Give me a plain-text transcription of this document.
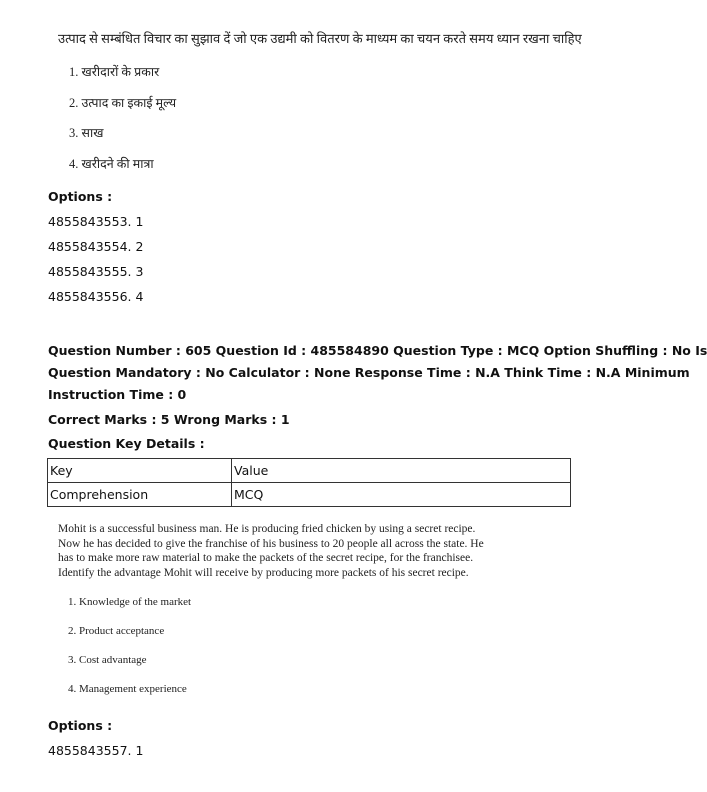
उत्पाद से सम्बंधित विचार का सुझाव दें जो एक उद्यमी को वितरण के माध्यम का चयन करते समय ध्यान रखना चाहिए
1. खरीदारों के प्रकार
2. उत्पाद का इकाई मूल्य
3. साख
4. खरीदने की मात्रा
Options :
4855843553. 1
4855843554. 2
4855843555. 3
4855843556. 4
Question Number : 605 Question Id : 485584890 Question Type : MCQ Option Shuffling : No Is
Question Mandatory : No Calculator : None Response Time : N.A Think Time : N.A Minimum
Instruction Time : 0
Correct Marks : 5 Wrong Marks : 1
Question Key Details :
Key	Value
Comprehension	MCQ
Mohit is a successful business man. He is producing fried chicken by using a secret recipe. Now he has decided to give the franchise of his business to 20 people all across the state. He has to make more raw material to make the packets of the secret recipe, for the franchisee. Identify the advantage Mohit will receive by producing more packets of his secret recipe.
1. Knowledge of the market
2. Product acceptance
3. Cost advantage
4. Management experience
Options :
4855843557. 1
